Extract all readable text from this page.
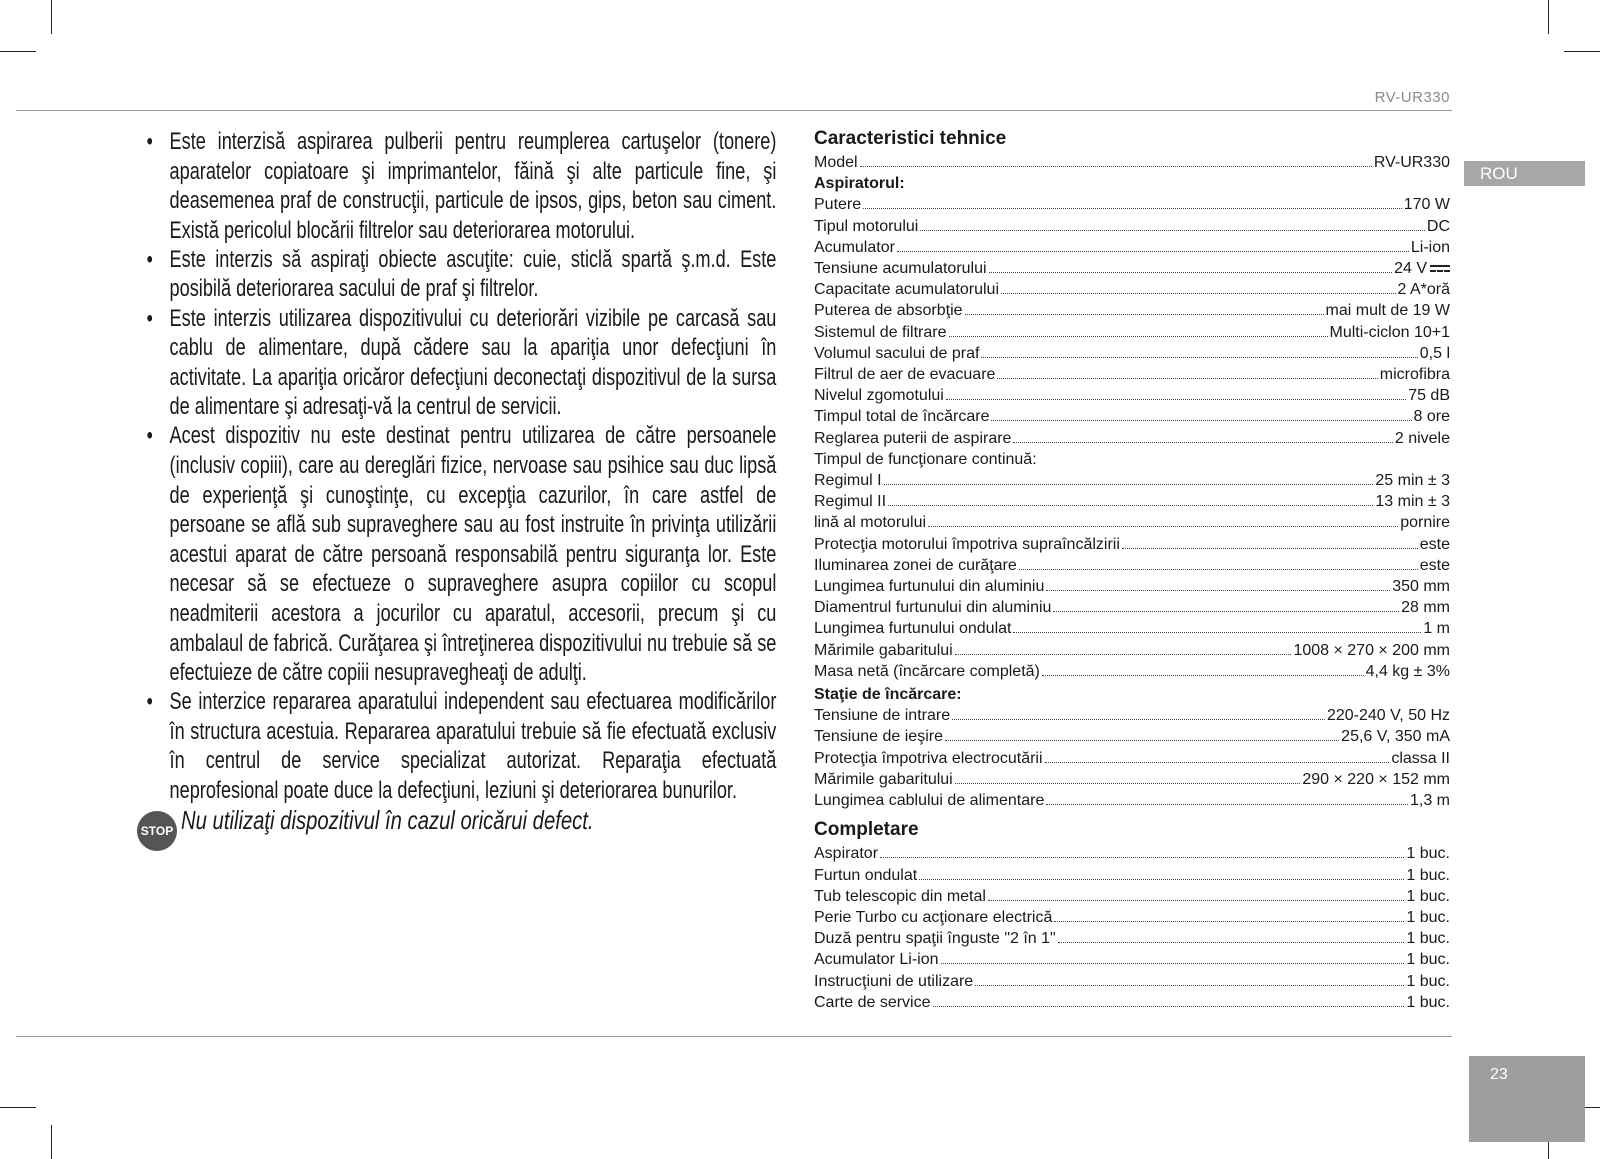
RV-UR330
ROU
• Este interzisă aspirarea pulberii pentru reumplerea cartuşelor (tonere) aparatelor copiatoare şi imprimantelor, făină şi alte particule fine, şi deasemenea praf de construcţii, particule de ipsos, gips, beton sau ciment. Există pericolul blocării filtrelor sau deteriorarea motorului.
• Este interzis să aspiraţi obiecte ascuţite: cuie, sticlă spartă ş.m.d. Este posibilă deteriorarea sacului de praf şi filtrelor.
• Este interzis utilizarea dispozitivului cu deteriorări vizibile pe carcasă sau cablu de alimentare, după cădere sau la apariţia unor defecţiuni în activitate. La apariţia oricăror defecţiuni deconectaţi dispozitivul de la sursa de alimentare şi adresaţi-vă la centrul de servicii.
• Acest dispozitiv nu este destinat pentru utilizarea de către persoanele (inclusiv copiii), care au dereglări fizice, nervoase sau psihice sau duc lipsă de experienţă şi cunoştinţe, cu excepţia cazurilor, în care astfel de persoane se află sub supraveghere sau au fost instruite în privinţa utilizării acestui aparat de către persoană responsabilă pentru siguranţa lor. Este necesar să se efectueze o supraveghere asupra copiilor cu scopul neadmiterii acestora a jocurilor cu aparatul, accesorii, precum şi cu ambalaul de fabrică. Curăţarea şi întreţinerea dispozitivului nu trebuie să se efectuieze de către copiii nesupravegheaţi de adulţi.
• Se interzice repararea aparatului independent sau efectuarea modificărilor în structura acestuia. Repararea aparatului trebuie să fie efectuată exclusiv în centrul de service specializat autorizat. Reparaţia efectuată neprofesional poate duce la defecţiuni, leziuni şi deteriorarea bunurilor.
STOP Nu utilizaţi dispozitivul în cazul oricărui defect.
Caracteristici tehnice
Model	RV-UR330
Aspiratorul:
Putere	170 W
Tipul motorului	DC
Acumulator	Li-ion
Tensiune acumulatorului	24 V
Capacitate acumulatorului	2 A*oră
Puterea de absorbţie	mai mult de 19 W
Sistemul de filtrare	Multi-ciclon 10+1
Volumul sacului de praf	0,5 l
Filtrul de aer de evacuare	microfibra
Nivelul zgomotului	75 dB
Timpul total de încărcare	8 ore
Reglarea puterii de aspirare	2 nivele
Timpul de funcţionare continuă:
Regimul I	25 min ± 3
Regimul II	13 min ± 3
lină al motorului	pornire
Protecţia motorului împotriva supraîncălzirii	este
Iluminarea zonei de curăţare	este
Lungimea furtunului din aluminiu	350 mm
Diamentrul furtunului din aluminiu	28 mm
Lungimea furtunului ondulat	1 m
Mărimile gabaritului	1008 × 270 × 200 mm
Masa netă (încărcare completă)	4,4 kg ± 3%
Staţie de încărcare:
Tensiune de intrare	220-240 V, 50 Hz
Tensiune de ieşire	25,6 V, 350 mA
Protecţia împotriva electrocutării	classa II
Mărimile gabaritului	290 × 220 × 152 mm
Lungimea cablului de alimentare	1,3 m
Completare
Aspirator	1 buc.
Furtun ondulat	1 buc.
Tub telescopic din metal	1 buc.
Perie Turbo cu acţionare electrică	1 buc.
Duză pentru spaţii înguste "2 în 1"	1 buc.
Acumulator Li-ion	1 buc.
Instrucţiuni de utilizare	1 buc.
Carte de service	1 buc.
23
